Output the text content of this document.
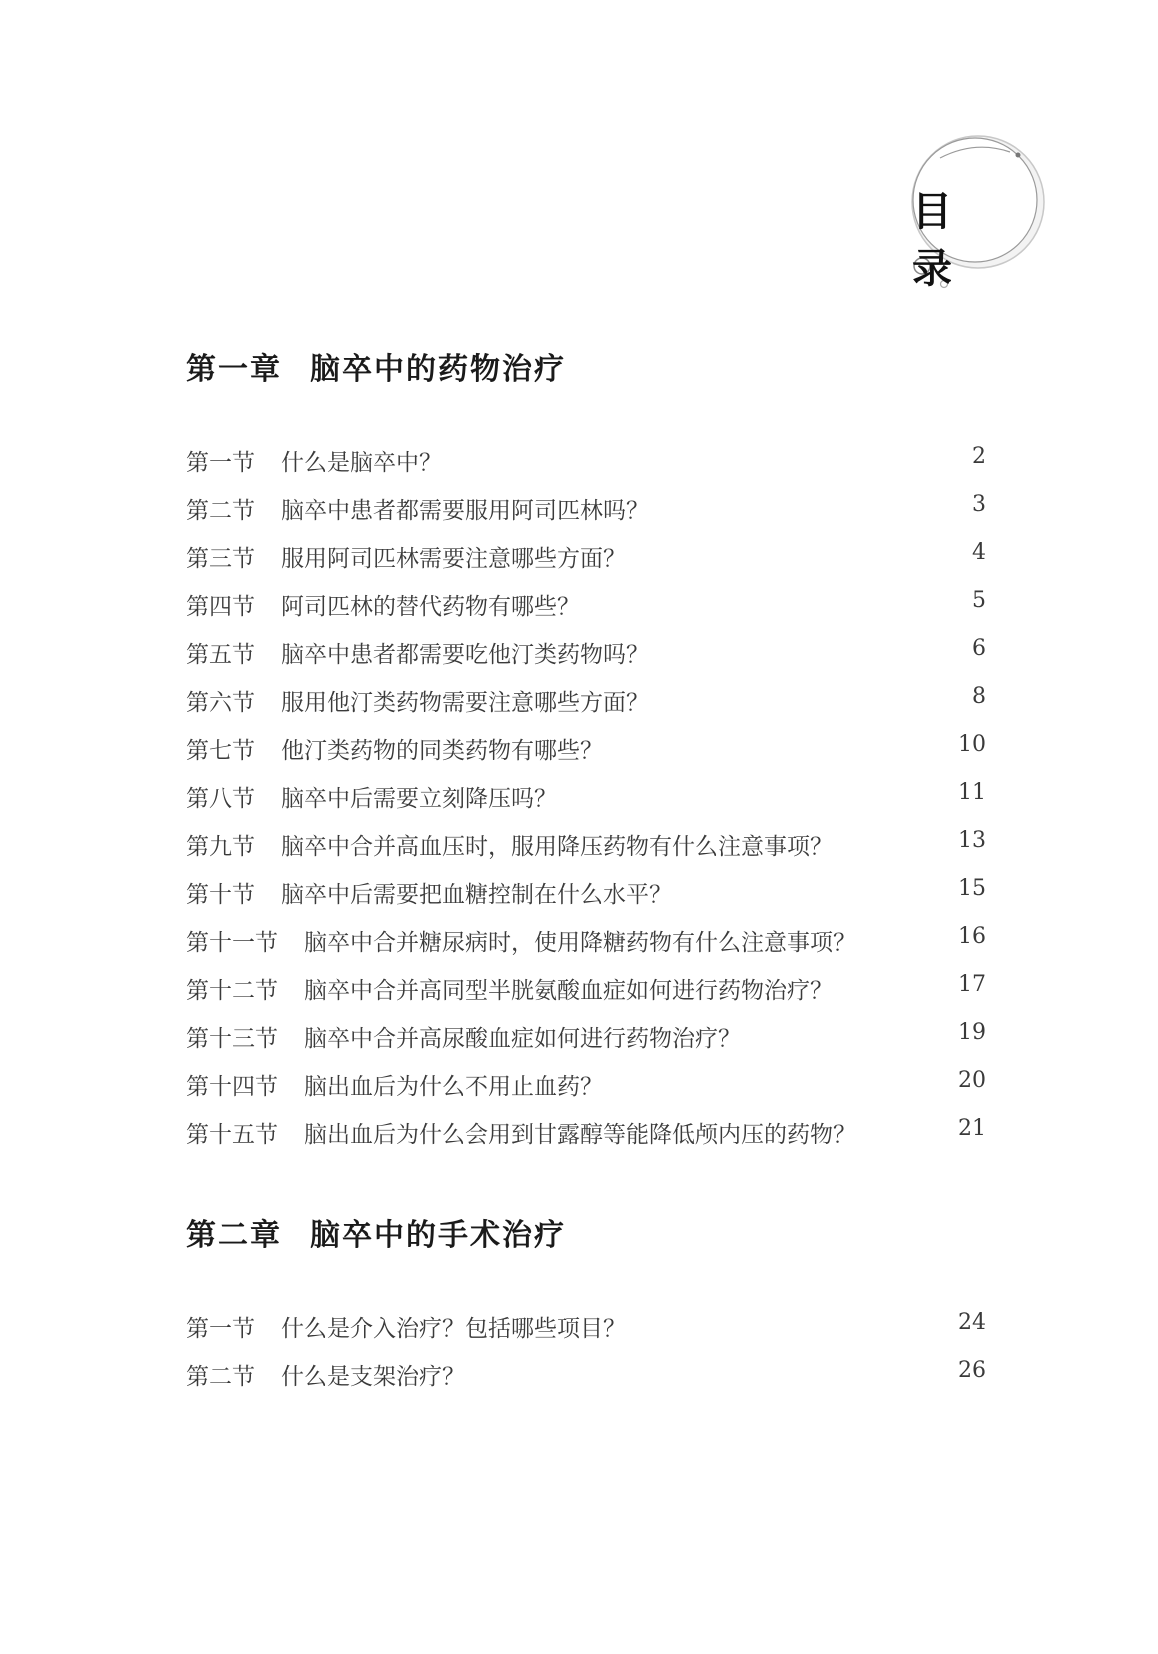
目 录
第一章 脑卒中的药物治疗
第一节 什么是脑卒中？	2
第二节 脑卒中患者都需要服用阿司匹林吗？	3
第三节 服用阿司匹林需要注意哪些方面？	4
第四节 阿司匹林的替代药物有哪些？	5
第五节 脑卒中患者都需要吃他汀类药物吗？	6
第六节 服用他汀类药物需要注意哪些方面？	8
第七节 他汀类药物的同类药物有哪些？	10
第八节 脑卒中后需要立刻降压吗？	11
第九节 脑卒中合并高血压时，服用降压药物有什么注意事项？	13
第十节 脑卒中后需要把血糖控制在什么水平？	15
第十一节 脑卒中合并糖尿病时，使用降糖药物有什么注意事项？	16
第十二节 脑卒中合并高同型半胱氨酸血症如何进行药物治疗？	17
第十三节 脑卒中合并高尿酸血症如何进行药物治疗？	19
第十四节 脑出血后为什么不用止血药？	20
第十五节 脑出血后为什么会用到甘露醇等能降低颅内压的药物？	21
第二章 脑卒中的手术治疗
第一节 什么是介入治疗？包括哪些项目？	24
第二节 什么是支架治疗？	26
